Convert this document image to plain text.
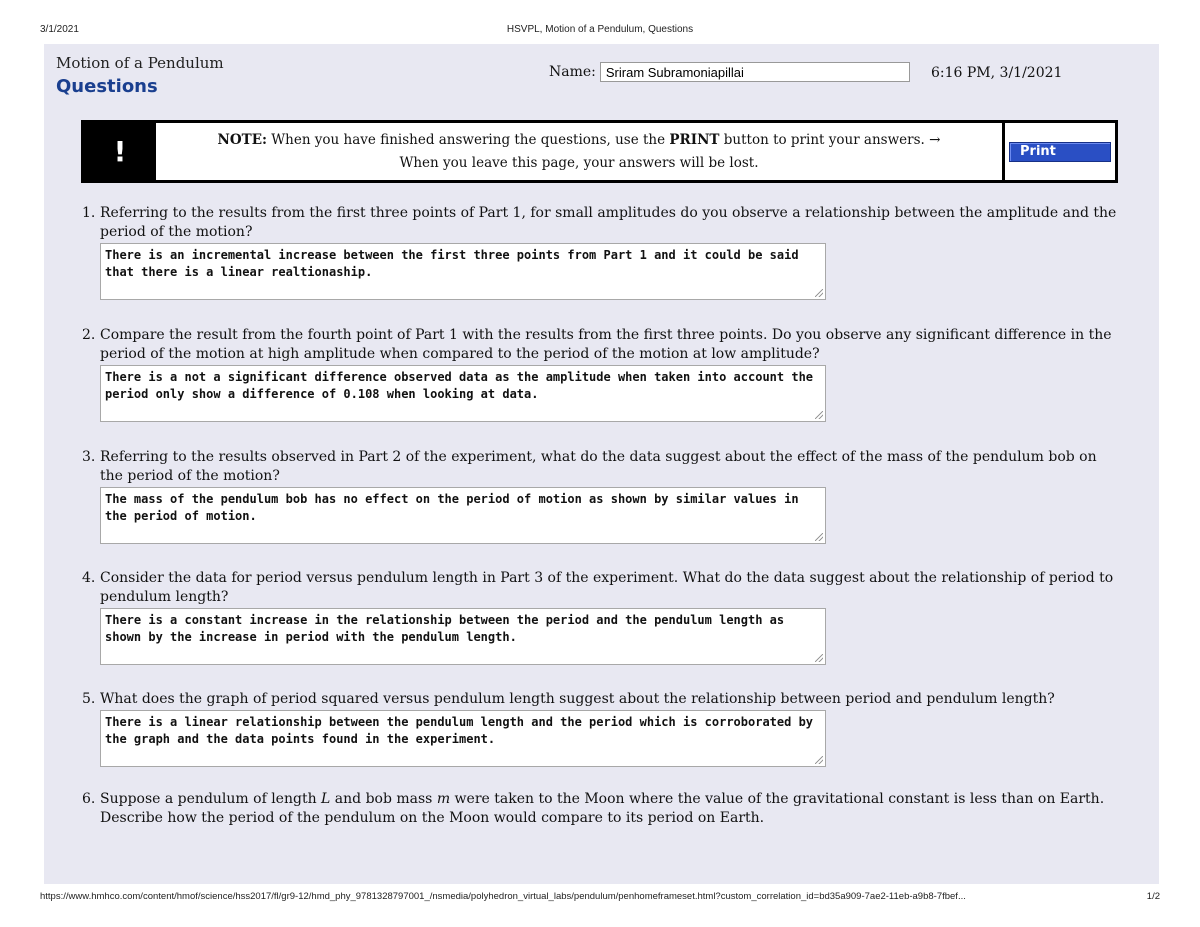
3/1/2021	HSVPL, Motion of a Pendulum, Questions
Motion of a Pendulum
Questions
Name:
Sriram Subramoniapillai	6:16 PM, 3/1/2021
!	NOTE: When you have finished answering the questions, use the PRINT button to print your answers. →
When you leave this page, your answers will be lost.
Print
1. Referring to the results from the first three points of Part 1, for small amplitudes do you observe a relationship between the amplitude and the period of the motion?
There is an incremental increase between the first three points from Part 1 and it could be said that there is a linear realtionaship.
2. Compare the result from the fourth point of Part 1 with the results from the first three points. Do you observe any significant difference in the period of the motion at high amplitude when compared to the period of the motion at low amplitude?
There is a not a significant difference observed data as the amplitude when taken into account the period only show a difference of 0.108 when looking at data.
3. Referring to the results observed in Part 2 of the experiment, what do the data suggest about the effect of the mass of the pendulum bob on the period of the motion?
The mass of the pendulum bob has no effect on the period of motion as shown by similar values in the period of motion.
4. Consider the data for period versus pendulum length in Part 3 of the experiment. What do the data suggest about the relationship of period to pendulum length?
There is a constant increase in the relationship between the period and the pendulum length as shown by the increase in period with the pendulum length.
5. What does the graph of period squared versus pendulum length suggest about the relationship between period and pendulum length?
There is a linear relationship between the pendulum length and the period which is corroborated by the graph and the data points found in the experiment.
6. Suppose a pendulum of length L and bob mass m were taken to the Moon where the value of the gravitational constant is less than on Earth. Describe how the period of the pendulum on the Moon would compare to its period on Earth.
https://www.hmhco.com/content/hmof/science/hss2017/fl/gr9-12/hmd_phy_9781328797001_/nsmedia/polyhedron_virtual_labs/pendulum/penhomeframeset.html?custom_correlation_id=bd35a909-7ae2-11eb-a9b8-7fbef...	1/2
